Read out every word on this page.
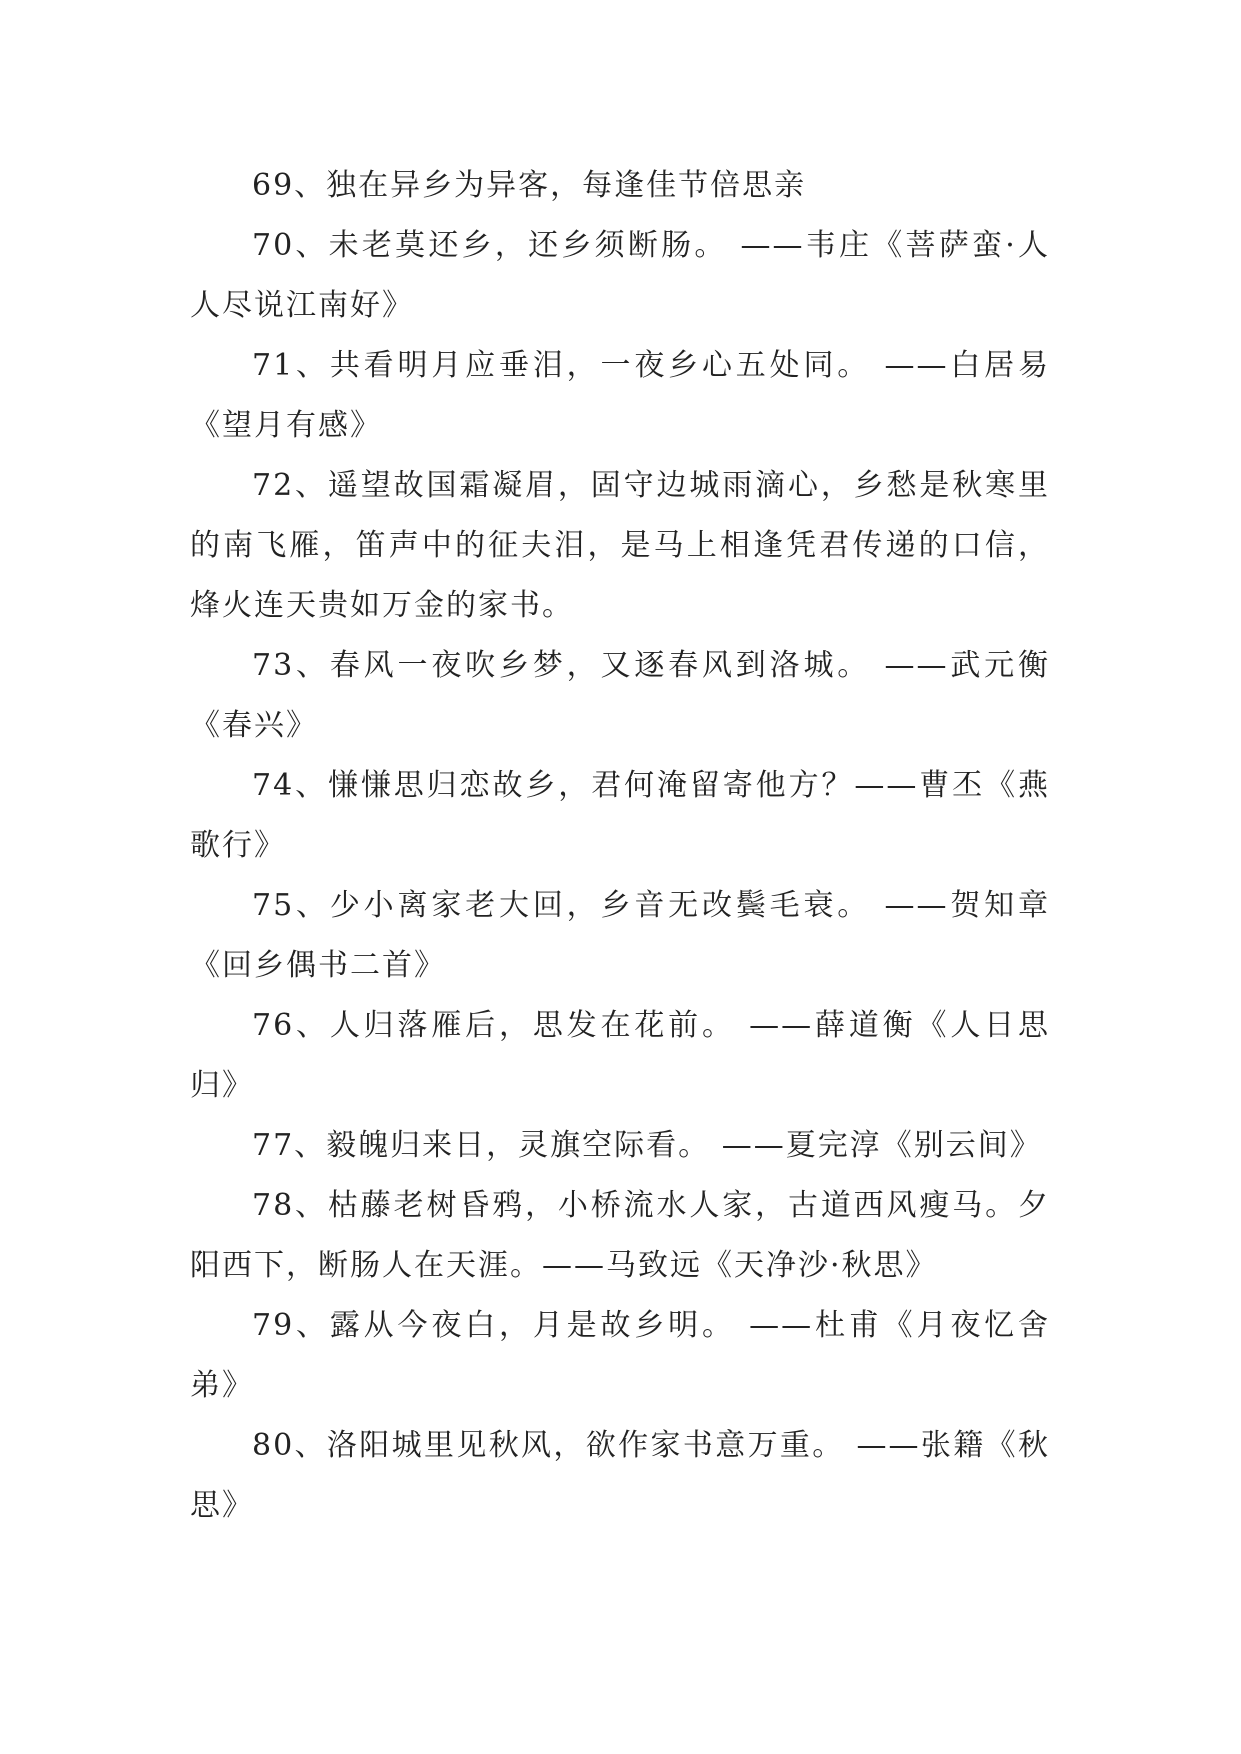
69、独在异乡为异客，每逢佳节倍思亲

70、未老莫还乡，还乡须断肠。 ——韦庄《菩萨蛮·人人尽说江南好》

71、共看明月应垂泪，一夜乡心五处同。 ——白居易《望月有感》

72、遥望故国霜凝眉，固守边城雨滴心，乡愁是秋寒里的南飞雁，笛声中的征夫泪，是马上相逢凭君传递的口信，烽火连天贵如万金的家书。

73、春风一夜吹乡梦，又逐春风到洛城。 ——武元衡《春兴》

74、慊慊思归恋故乡，君何淹留寄他方？——曹丕《燕歌行》

75、少小离家老大回，乡音无改鬓毛衰。 ——贺知章《回乡偶书二首》

76、人归落雁后，思发在花前。 ——薛道衡《人日思归》

77、毅魄归来日，灵旗空际看。 ——夏完淳《别云间》

78、枯藤老树昏鸦，小桥流水人家，古道西风瘦马。夕阳西下，断肠人在天涯。——马致远《天净沙·秋思》

79、露从今夜白，月是故乡明。 ——杜甫《月夜忆舍弟》

80、洛阳城里见秋风，欲作家书意万重。 ——张籍《秋思》
